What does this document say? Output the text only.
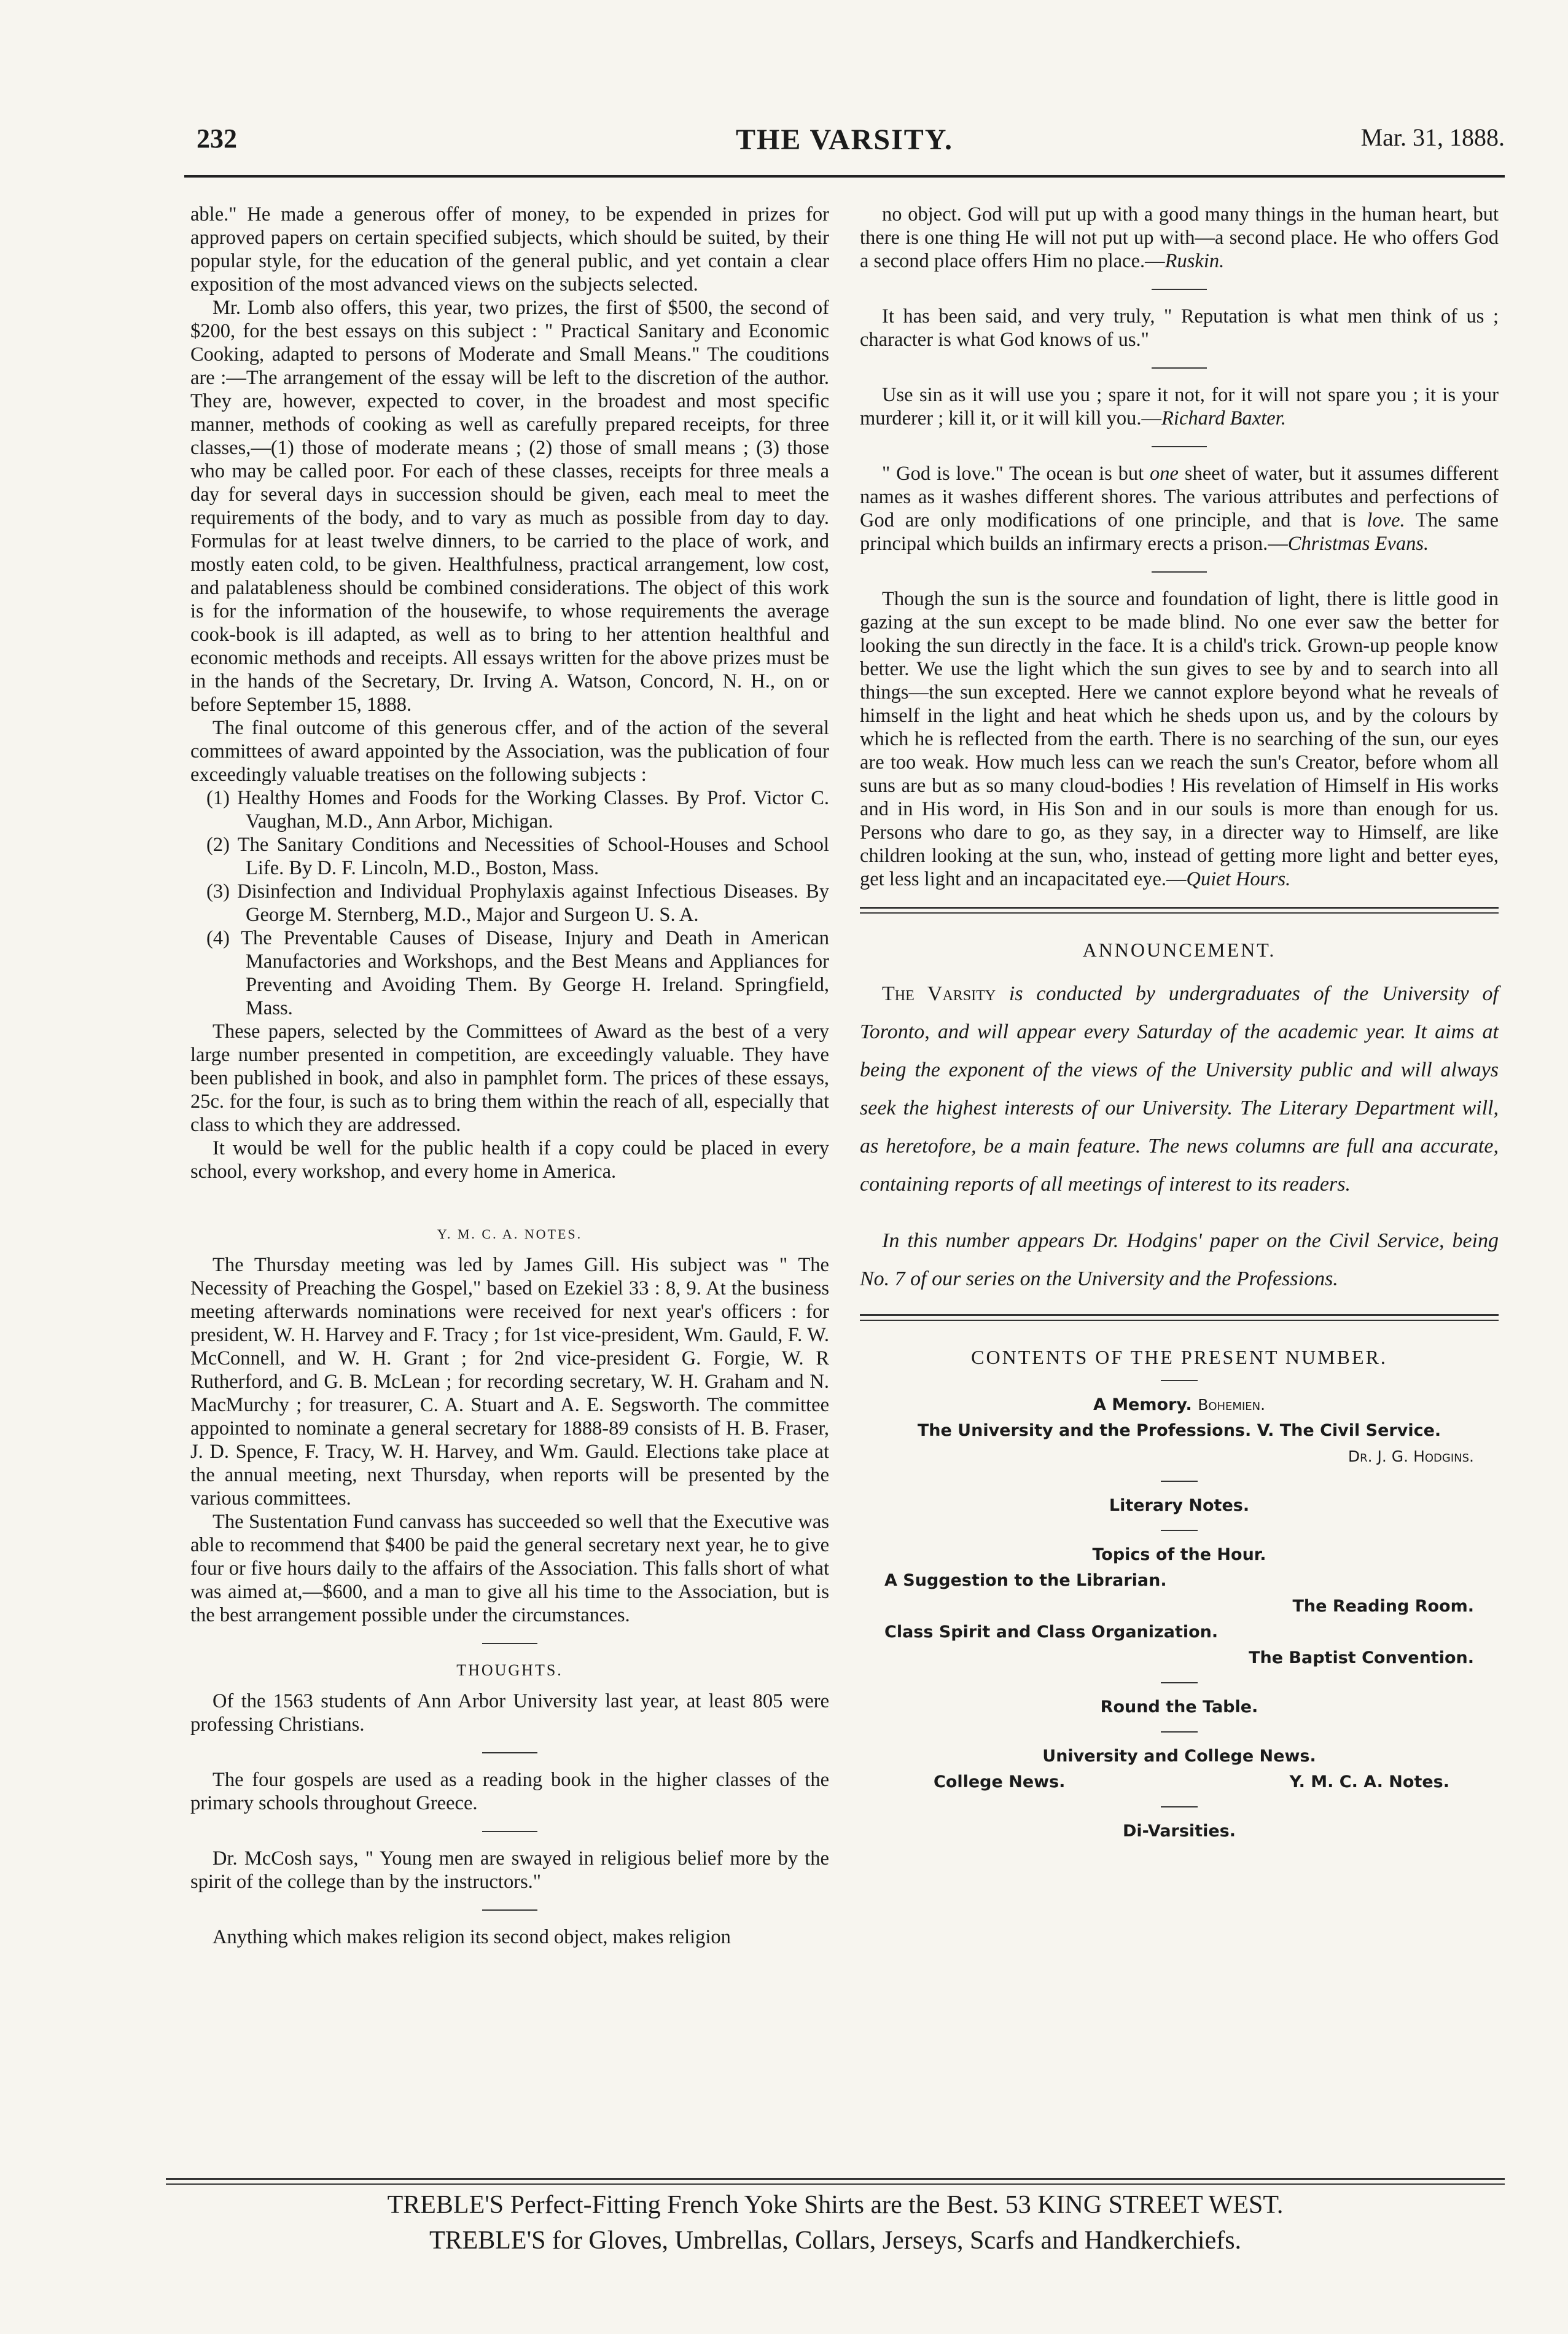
232	THE VARSITY.	Mar. 31, 1888.

able." He made a generous offer of money, to be expended in prizes for approved papers on certain specified subjects, which should be suited, by their popular style, for the education of the general public, and yet contain a clear exposition of the most advanced views on the subjects selected.

Mr. Lomb also offers, this year, two prizes, the first of $500, the second of $200, for the best essays on this subject : " Practical Sanitary and Economic Cooking, adapted to persons of Moderate and Small Means." The couditions are :—The arrangement of the essay will be left to the discretion of the author. They are, however, expected to cover, in the broadest and most specific manner, methods of cooking as well as carefully prepared receipts, for three classes,—(1) those of moderate means ; (2) those of small means ; (3) those who may be called poor. For each of these classes, receipts for three meals a day for several days in succession should be given, each meal to meet the requirements of the body, and to vary as much as possible from day to day. Formulas for at least twelve dinners, to be carried to the place of work, and mostly eaten cold, to be given. Healthfulness, practical arrangement, low cost, and palatableness should be combined considerations. The object of this work is for the information of the housewife, to whose requirements the average cook-book is ill adapted, as well as to bring to her attention healthful and economic methods and receipts. All essays written for the above prizes must be in the hands of the Secretary, Dr. Irving A. Watson, Concord, N. H., on or before September 15, 1888.

The final outcome of this generous cffer, and of the action of the several committees of award appointed by the Association, was the publication of four exceedingly valuable treatises on the following subjects :

(1) Healthy Homes and Foods for the Working Classes. By Prof. Victor C. Vaughan, M.D., Ann Arbor, Michigan.
(2) The Sanitary Conditions and Necessities of School-Houses and School Life. By D. F. Lincoln, M.D., Boston, Mass.
(3) Disinfection and Individual Prophylaxis against Infectious Diseases. By George M. Sternberg, M.D., Major and Surgeon U. S. A.
(4) The Preventable Causes of Disease, Injury and Death in American Manufactories and Workshops, and the Best Means and Appliances for Preventing and Avoiding Them. By George H. Ireland. Springfield, Mass.

These papers, selected by the Committees of Award as the best of a very large number presented in competition, are exceedingly valuable. They have been published in book, and also in pamphlet form. The prices of these essays, 25c. for the four, is such as to bring them within the reach of all, especially that class to which they are addressed.

It would be well for the public health if a copy could be placed in every school, every workshop, and every home in America.

Y. M. C. A. NOTES.

The Thursday meeting was led by James Gill. His subject was " The Necessity of Preaching the Gospel," based on Ezekiel 33 : 8, 9. At the business meeting afterwards nominations were received for next year's officers : for president, W. H. Harvey and F. Tracy ; for 1st vice-president, Wm. Gauld, F. W. McConnell, and W. H. Grant ; for 2nd vice-president G. Forgie, W. R Rutherford, and G. B. McLean ; for recording secretary, W. H. Graham and N. MacMurchy ; for treasurer, C. A. Stuart and A. E. Segsworth. The committee appointed to nominate a general secretary for 1888-89 consists of H. B. Fraser, J. D. Spence, F. Tracy, W. H. Harvey, and Wm. Gauld. Elections take place at the annual meeting, next Thursday, when reports will be presented by the various committees.

The Sustentation Fund canvass has succeeded so well that the Executive was able to recommend that $400 be paid the general secretary next year, he to give four or five hours daily to the affairs of the Association. This falls short of what was aimed at,—$600, and a man to give all his time to the Association, but is the best arrangement possible under the circumstances.

THOUGHTS.

Of the 1563 students of Ann Arbor University last year, at least 805 were professing Christians.

The four gospels are used as a reading book in the higher classes of the primary schools throughout Greece.

Dr. McCosh says, " Young men are swayed in religious belief more by the spirit of the college than by the instructors."

Anything which makes religion its second object, makes religion

no object. God will put up with a good many things in the human heart, but there is one thing He will not put up with—a second place. He who offers God a second place offers Him no place.—Ruskin.

It has been said, and very truly, " Reputation is what men think of us ; character is what God knows of us."

Use sin as it will use you ; spare it not, for it will not spare you ; it is your murderer ; kill it, or it will kill you.—Richard Baxter.

" God is love." The ocean is but one sheet of water, but it assumes different names as it washes different shores. The various attributes and perfections of God are only modifications of one principle, and that is love. The same principal which builds an infirmary erects a prison.—Christmas Evans.

Though the sun is the source and foundation of light, there is little good in gazing at the sun except to be made blind. No one ever saw the better for looking the sun directly in the face. It is a child's trick. Grown-up people know better. We use the light which the sun gives to see by and to search into all things—the sun excepted. Here we cannot explore beyond what he reveals of himself in the light and heat which he sheds upon us, and by the colours by which he is reflected from the earth. There is no searching of the sun, our eyes are too weak. How much less can we reach the sun's Creator, before whom all suns are but as so many cloud-bodies ! His revelation of Himself in His works and in His word, in His Son and in our souls is more than enough for us. Persons who dare to go, as they say, in a directer way to Himself, are like children looking at the sun, who, instead of getting more light and better eyes, get less light and an incapacitated eye.—Quiet Hours.

ANNOUNCEMENT.

The Varsity is conducted by undergraduates of the University of Toronto, and will appear every Saturday of the academic year. It aims at being the exponent of the views of the University public and will always seek the highest interests of our University. The Literary Department will, as heretofore, be a main feature. The news columns are full ana accurate, containing reports of all meetings of interest to its readers.

In this number appears Dr. Hodgins' paper on the Civil Service, being No. 7 of our series on the University and the Professions.

CONTENTS OF THE PRESENT NUMBER.
A Memory. Bohemien.
The University and the Professions. V. The Civil Service.
Dr. J. G. Hodgins.
Literary Notes.
Topics of the Hour.
A Suggestion to the Librarian.
The Reading Room.
Class Spirit and Class Organization.
The Baptist Convention.
Round the Table.
University and College News.
College News.	Y. M. C. A. Notes.
Di-Varsities.
TREBLE'S Perfect-Fitting French Yoke Shirts are the Best. 53 KING STREET WEST.
TREBLE'S for Gloves, Umbrellas, Collars, Jerseys, Scarfs and Handkerchiefs.
